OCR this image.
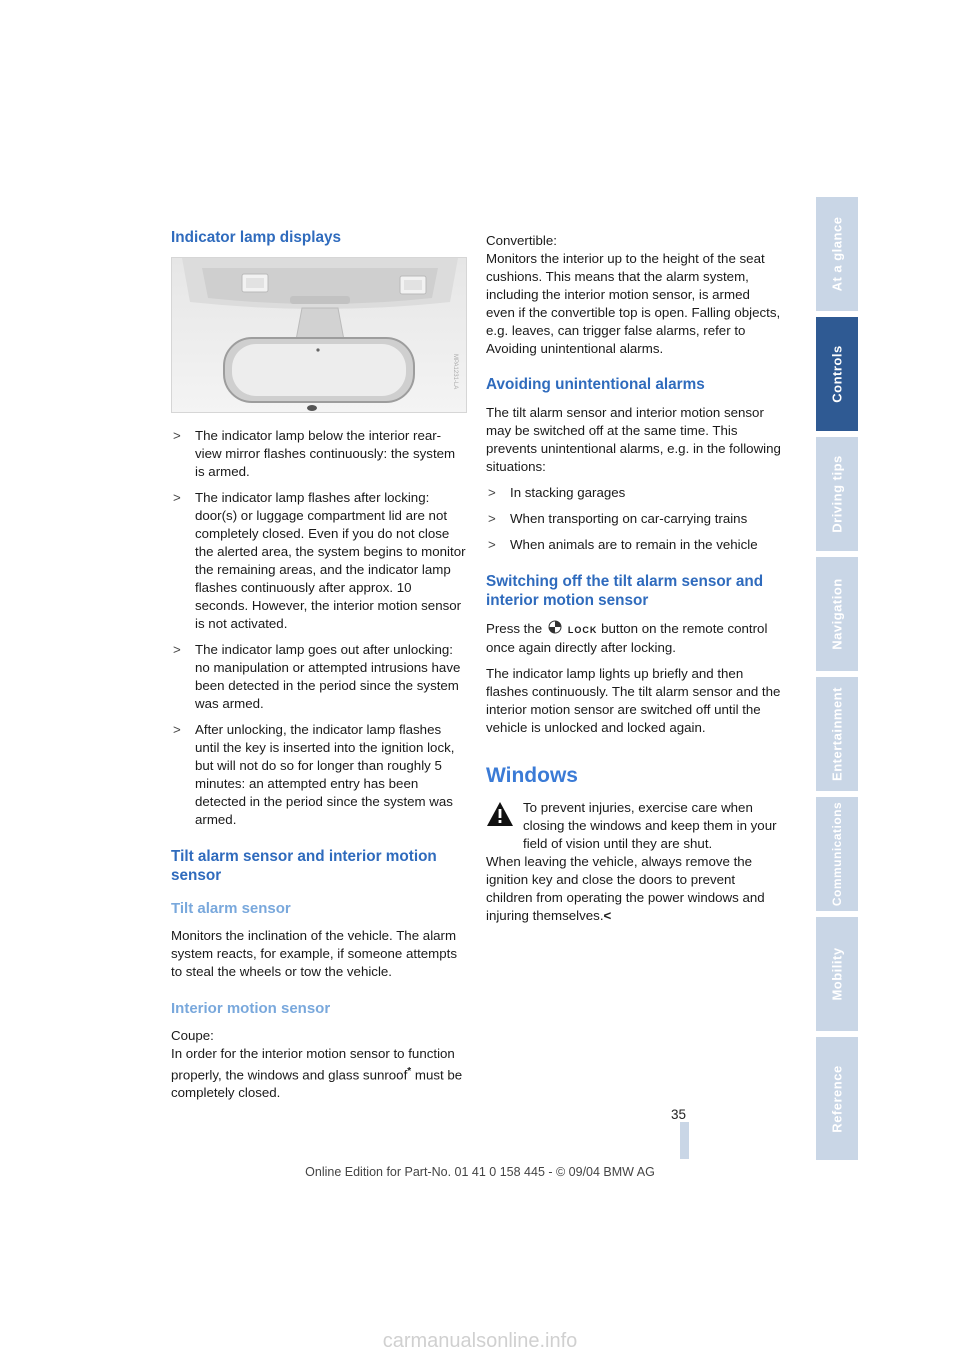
Indicator lamp displays
MPA1231-LA
> The indicator lamp below the interior rear-view mirror flashes continuously: the system is armed.
> The indicator lamp flashes after locking: door(s) or luggage compartment lid are not completely closed. Even if you do not close the alerted area, the system begins to monitor the remaining areas, and the indicator lamp flashes continuously after approx. 10 seconds. However, the interior motion sensor is not activated.
> The indicator lamp goes out after unlocking: no manipulation or attempted intrusions have been detected in the period since the system was armed.
> After unlocking, the indicator lamp flashes until the key is inserted into the ignition lock, but will not do so for longer than roughly 5 minutes: an attempted entry has been detected in the period since the system was armed.
Tilt alarm sensor and interior motion sensor
Tilt alarm sensor

Monitors the inclination of the vehicle. The alarm system reacts, for example, if someone attempts to steal the wheels or tow the vehicle.

Interior motion sensor

Coupe:

In order for the interior motion sensor to function properly, the windows and glass sunroof* must be completely closed.

Convertible:

Monitors the interior up to the height of the seat cushions. This means that the alarm system, including the interior motion sensor, is armed even if the convertible top is open. Falling objects, e.g. leaves, can trigger false alarms, refer to Avoiding unintentional alarms.

Avoiding unintentional alarms

The tilt alarm sensor and interior motion sensor may be switched off at the same time. This prevents unintentional alarms, e.g. in the following situations:

> In stacking garages
> When transporting on car-carrying trains
> When animals are to remain in the vehicle
Switching off the tilt alarm sensor and interior motion sensor

Press the	LOCK button on the remote control once again directly after locking.

The indicator lamp lights up briefly and then flashes continuously. The tilt alarm sensor and the interior motion sensor are switched off until the vehicle is unlocked and locked again.

Windows

To prevent injuries, exercise care when closing the windows and keep them in your field of vision until they are shut.

When leaving the vehicle, always remove the ignition key and close the doors to prevent children from operating the power windows and injuring themselves.<

At a glance
Controls
Driving tips
Navigation
Entertainment
Communications
Mobility
Reference
35
Online Edition for Part-No. 01 41 0 158 445 - © 09/04 BMW AG
carmanualsonline.info
